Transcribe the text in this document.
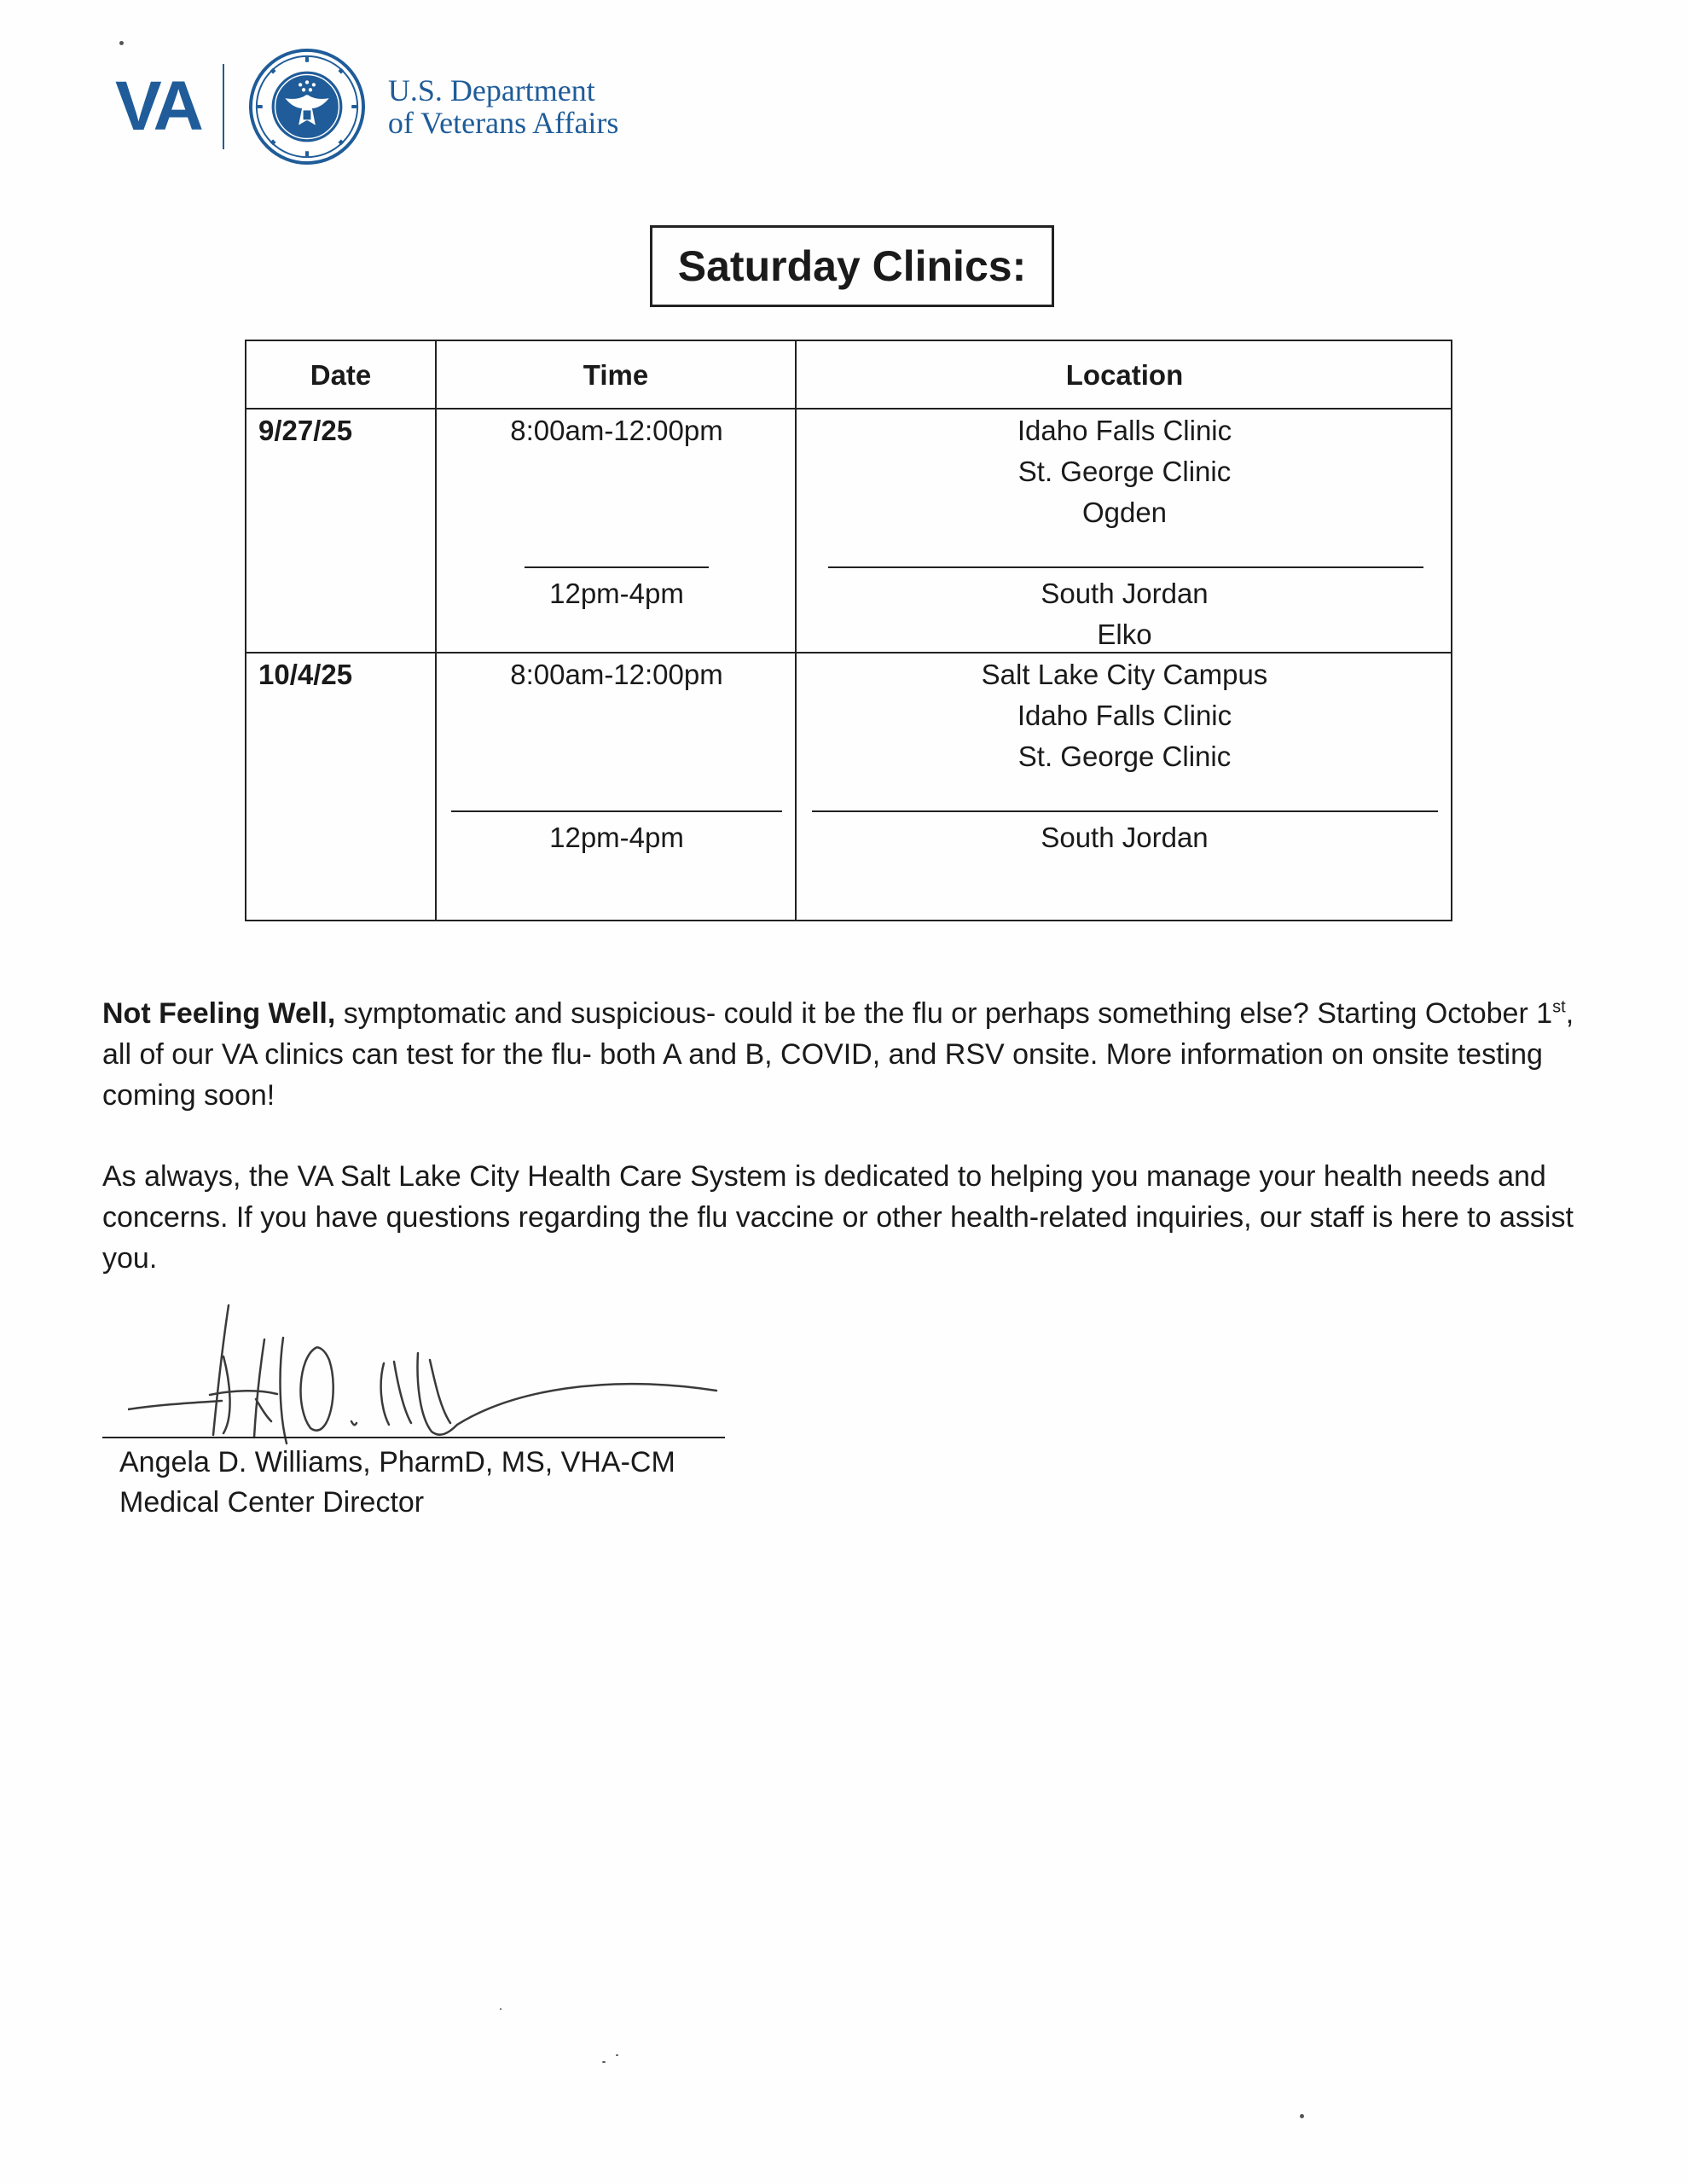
VA	U.S. Department
of Veterans Affairs
Saturday Clinics:
Date	Time	Location
9/27/25	8:00am-12:00pm	Idaho Falls Clinic
St. George Clinic
Ogden
12pm-4pm	South Jordan
Elko
10/4/25	8:00am-12:00pm	Salt Lake City Campus
Idaho Falls Clinic
St. George Clinic
12pm-4pm	South Jordan
Not Feeling Well, symptomatic and suspicious- could it be the flu or perhaps something else? Starting October 1st, all of our VA clinics can test for the flu- both A and B, COVID, and RSV onsite. More information on onsite testing coming soon!
As always, the VA Salt Lake City Health Care System is dedicated to helping you manage your health needs and concerns. If you have questions regarding the flu vaccine or other health-related inquiries, our staff is here to assist you.
Angela D. Williams, PharmD, MS, VHA-CM
Medical Center Director
